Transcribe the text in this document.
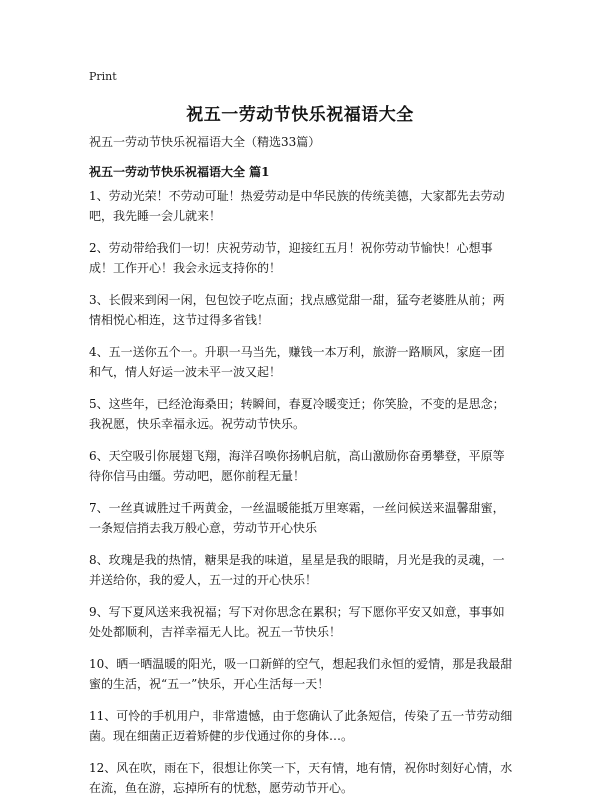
Print
祝五一劳动节快乐祝福语大全

祝五一劳动节快乐祝福语大全（精选33篇）

祝五一劳动节快乐祝福语大全 篇1
1、劳动光荣！不劳动可耻！热爱劳动是中华民族的传统美德，大家都先去劳动吧，我先睡一会儿就来！
2、劳动带给我们一切！庆祝劳动节，迎接红五月！祝你劳动节愉快！心想事成！工作开心！我会永远支持你的！
3、长假来到闲一闲，包包饺子吃点面；找点感觉甜一甜，猛夸老婆胜从前；两情相悦心相连，这节过得多省钱！
4、五一送你五个一。升职一马当先，赚钱一本万利，旅游一路顺风，家庭一团和气，情人好运一波未平一波又起！
5、这些年，已经沧海桑田；转瞬间，春夏冷暖变迁；你笑脸，不变的是思念；我祝愿，快乐幸福永远。祝劳动节快乐。
6、天空吸引你展翅飞翔，海洋召唤你扬帆启航，高山激励你奋勇攀登，平原等待你信马由缰。劳动吧，愿你前程无量！
7、一丝真诚胜过千两黄金，一丝温暖能抵万里寒霜，一丝问候送来温馨甜蜜，一条短信捎去我万般心意，劳动节开心快乐
8、玫瑰是我的热情，糖果是我的味道，星星是我的眼睛，月光是我的灵魂，一并送给你，我的爱人，五一过的开心快乐！
9、写下夏风送来我祝福；写下对你思念在累积；写下愿你平安又如意，事事如处处都顺利，吉祥幸福无人比。祝五一节快乐！
10、晒一晒温暖的阳光，吸一口新鲜的空气，想起我们永恒的爱情，那是我最甜蜜的生活，祝“五一”快乐，开心生活每一天！
11、可怜的手机用户，非常遗憾，由于您确认了此条短信，传染了五一节劳动细菌。现在细菌正迈着矫健的步伐通过你的身体…。
12、风在吹，雨在下，很想让你笑一下，天有情，地有情，祝你时刻好心情，水在流，鱼在游，忘掉所有的忧愁，愿劳动节开心。
